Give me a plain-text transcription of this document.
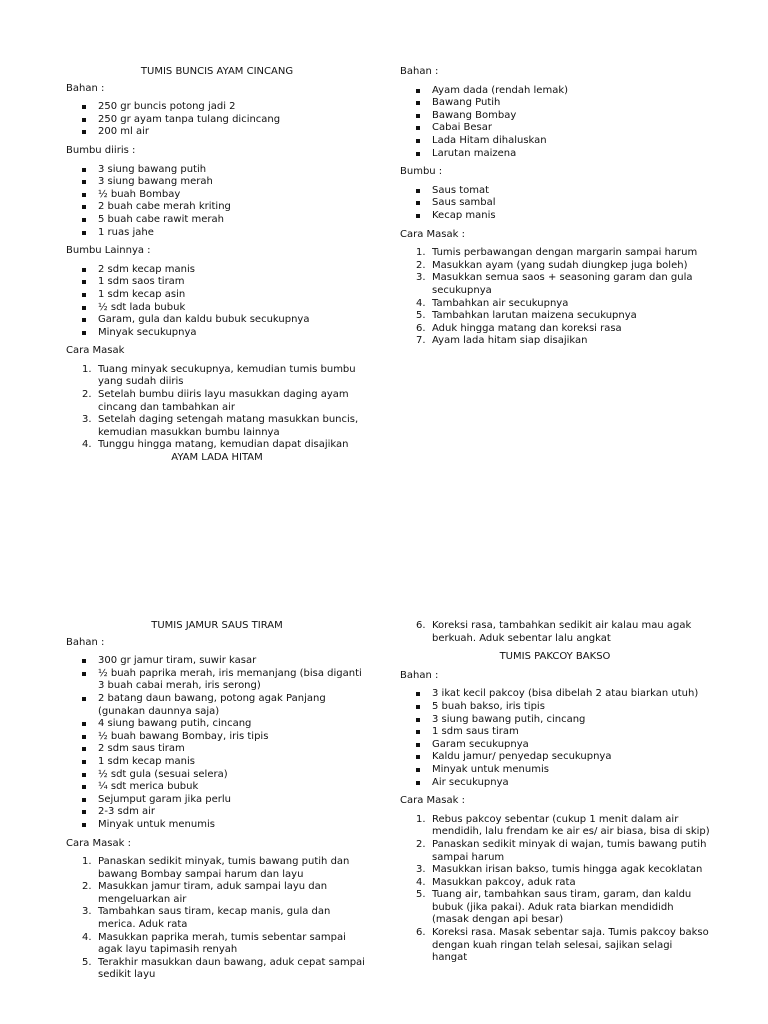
TUMIS BUNCIS AYAM CINCANG

Bahan :

250 gr buncis potong jadi 2
250 gr ayam tanpa tulang dicincang
200 ml air

Bumbu diiris :

3 siung bawang putih
3 siung bawang merah
½ buah Bombay
2 buah cabe merah kriting
5 buah cabe rawit merah
1 ruas jahe

Bumbu Lainnya :

2 sdm kecap manis
1 sdm saos tiram
1 sdm kecap asin
½ sdt lada bubuk
Garam, gula dan kaldu bubuk secukupnya
Minyak secukupnya

Cara Masak

1. Tuang minyak secukupnya, kemudian tumis bumbu yang sudah diiris
2. Setelah bumbu diiris layu masukkan daging ayam cincang dan tambahkan air
3. Setelah daging setengah matang masukkan buncis, kemudian masukkan bumbu lainnya
4. Tunggu hingga matang, kemudian dapat disajikan

AYAM LADA HITAM

Bahan :

Ayam dada (rendah lemak)
Bawang Putih
Bawang Bombay
Cabai Besar
Lada Hitam dihaluskan
Larutan maizena

Bumbu :

Saus tomat
Saus sambal
Kecap manis

Cara Masak :

1. Tumis perbawangan dengan margarin sampai harum
2. Masukkan ayam (yang sudah diungkep juga boleh)
3. Masukkan semua saos + seasoning garam dan gula secukupnya
4. Tambahkan air secukupnya
5. Tambahkan larutan maizena secukupnya
6. Aduk hingga matang dan koreksi rasa
7. Ayam lada hitam siap disajikan

TUMIS JAMUR SAUS TIRAM

Bahan :

300 gr jamur tiram, suwir kasar
½ buah paprika merah, iris memanjang (bisa diganti 3 buah cabai merah, iris serong)
2 batang daun bawang, potong agak Panjang (gunakan daunnya saja)
4 siung bawang putih, cincang
½ buah bawang Bombay, iris tipis
2 sdm saus tiram
1 sdm kecap manis
½ sdt gula (sesuai selera)
¼ sdt merica bubuk
Sejumput garam jika perlu
2-3 sdm air
Minyak untuk menumis

Cara Masak :

1. Panaskan sedikit minyak, tumis bawang putih dan bawang Bombay sampai harum dan layu
2. Masukkan jamur tiram, aduk sampai layu dan mengeluarkan air
3. Tambahkan saus tiram, kecap manis, gula dan merica. Aduk rata
4. Masukkan paprika merah, tumis sebentar sampai agak layu tapimasih renyah
5. Terakhir masukkan daun bawang, aduk cepat sampai sedikit layu
6. Koreksi rasa, tambahkan sedikit air kalau mau agak berkuah. Aduk sebentar lalu angkat

TUMIS PAKCOY BAKSO

Bahan :

3 ikat kecil pakcoy (bisa dibelah 2 atau biarkan utuh)
5 buah bakso, iris tipis
3 siung bawang putih, cincang
1 sdm saus tiram
Garam secukupnya
Kaldu jamur/ penyedap secukupnya
Minyak untuk menumis
Air secukupnya

Cara Masak :

1. Rebus pakcoy sebentar (cukup 1 menit dalam air mendidih, lalu frendam ke air es/ air biasa, bisa di skip)
2. Panaskan sedikit minyak di wajan, tumis bawang putih sampai harum
3. Masukkan irisan bakso, tumis hingga agak kecoklatan
4. Masukkan pakcoy, aduk rata
5. Tuang air, tambahkan saus tiram, garam, dan kaldu bubuk (jika pakai). Aduk rata biarkan mendididh (masak dengan api besar)
6. Koreksi rasa. Masak sebentar saja. Tumis pakcoy bakso dengan kuah ringan telah selesai, sajikan selagi hangat
